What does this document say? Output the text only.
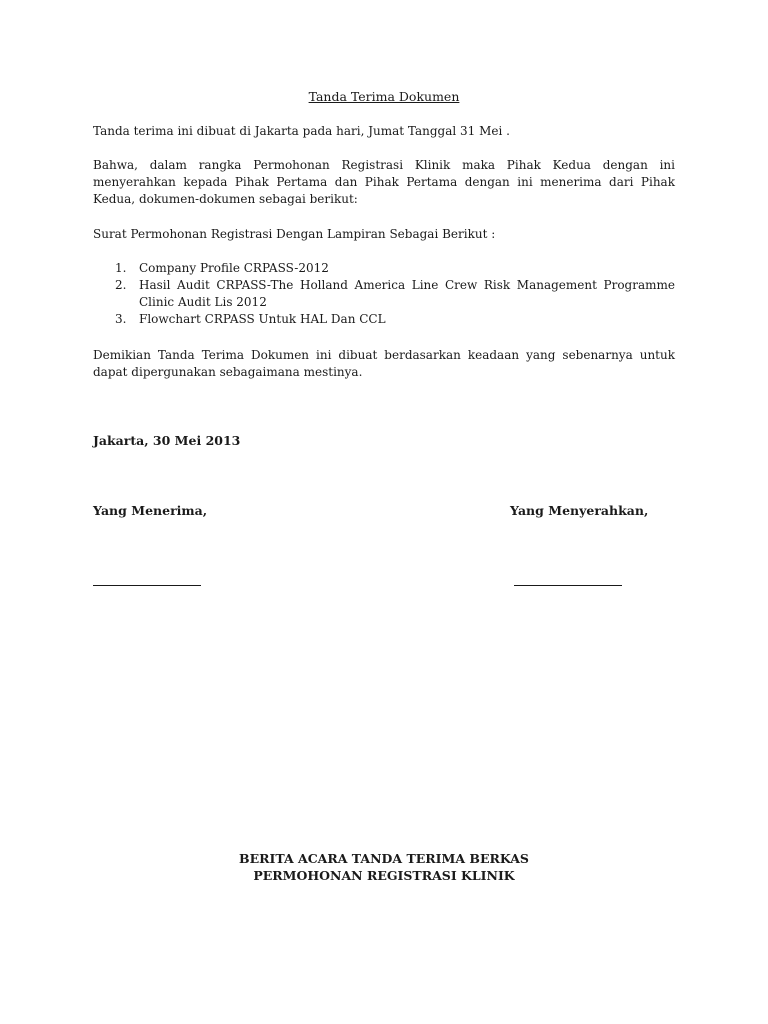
Tanda Terima Dokumen

Tanda terima ini dibuat di Jakarta pada hari, Jumat Tanggal 31 Mei .

Bahwa, dalam rangka Permohonan Registrasi Klinik maka Pihak Kedua dengan ini menyerahkan kepada Pihak Pertama dan Pihak Pertama dengan ini menerima dari Pihak Kedua, dokumen-dokumen sebagai berikut:

Surat Permohonan Registrasi Dengan Lampiran Sebagai Berikut :

1. Company Profile CRPASS-2012
2. Hasil Audit CRPASS-The Holland America Line Crew Risk Management Programme Clinic Audit Lis 2012
3. Flowchart CRPASS Untuk HAL Dan CCL

Demikian Tanda Terima Dokumen ini dibuat berdasarkan keadaan yang sebenarnya untuk dapat dipergunakan sebagaimana mestinya.

Jakarta, 30 Mei 2013

Yang Menerima,	Yang Menyerahkan,

BERITA ACARA TANDA TERIMA BERKAS
PERMOHONAN REGISTRASI KLINIK
